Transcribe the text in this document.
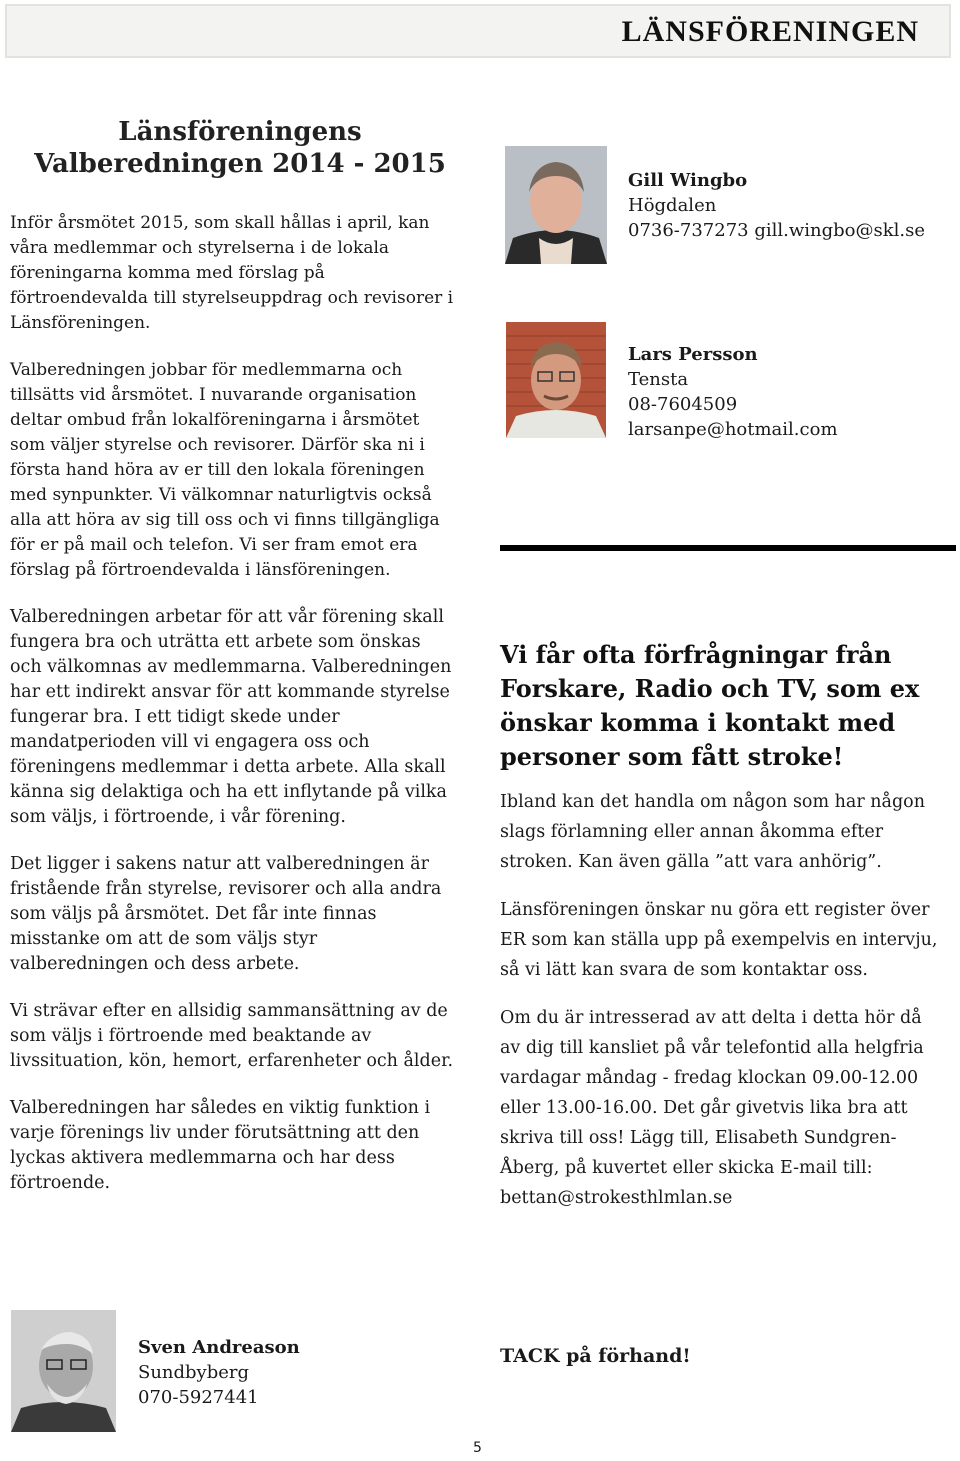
LÄNSFÖRENINGEN
Länsföreningens
Valberedningen 2014 - 2015

Inför årsmötet 2015, som skall hållas i april, kan våra medlemmar och styrelserna i de lokala föreningarna komma med förslag på förtroendevalda till styrelseuppdrag och revisorer i Länsföreningen.

Valberedningen jobbar för medlemmarna och tillsätts vid årsmötet. I nuvarande organisation deltar ombud från lokalföreningarna i årsmötet som väljer styrelse och revisorer. Därför ska ni i första hand höra av er till den lokala föreningen med synpunkter. Vi välkomnar naturligtvis också alla att höra av sig till oss och vi finns tillgängliga för er på mail och telefon. Vi ser fram emot era förslag på förtroendevalda i länsföreningen.

Valberedningen arbetar för att vår förening skall fungera bra och uträtta ett arbete som önskas och välkomnas av medlemmarna. Valberedningen har ett indirekt ansvar för att kommande styrelse fungerar bra. I ett tidigt skede under mandatperioden vill vi engagera oss och föreningens medlemmar i detta arbete. Alla skall känna sig delaktiga och ha ett inflytande på vilka som väljs, i förtroende, i vår förening.

Det ligger i sakens natur att valberedningen är fristående från styrelse, revisorer och alla andra som väljs på årsmötet. Det får inte finnas misstanke om att de som väljs styr valberedningen och dess arbete.

Vi strävar efter en allsidig sammansättning av de som väljs i förtroende med beaktande av livssituation, kön, hemort, erfarenheter och ålder.

Valberedningen har således en viktig funktion i varje förenings liv under förutsättning att den lyckas aktivera medlemmarna och har dess förtroende.

Gill Wingbo
Högdalen
0736-737273 gill.wingbo@skl.se
Lars Persson
Tensta
08-7604509
larsanpe@hotmail.com
Vi får ofta förfrågningar från Forskare, Radio och TV, som ex önskar komma i kontakt med personer som fått stroke!

Ibland kan det handla om någon som har någon slags förlamning eller annan åkomma efter stroken. Kan även gälla ”att vara anhörig”.

Länsföreningen önskar nu göra ett register över ER som kan ställa upp på exempelvis en intervju, så vi lätt kan svara de som kontaktar oss.

Om du är intresserad av att delta i detta hör då av dig till kansliet på vår telefontid alla helgfria vardagar måndag - fredag klockan 09.00-12.00 eller 13.00-16.00. Det går givetvis lika bra att skriva till oss! Lägg till, Elisabeth Sundgren-Åberg, på kuvertet eller skicka E-mail till: bettan@strokesthlmlan.se

Sven Andreason
Sundbyberg
070-5927441
TACK på förhand!
5
